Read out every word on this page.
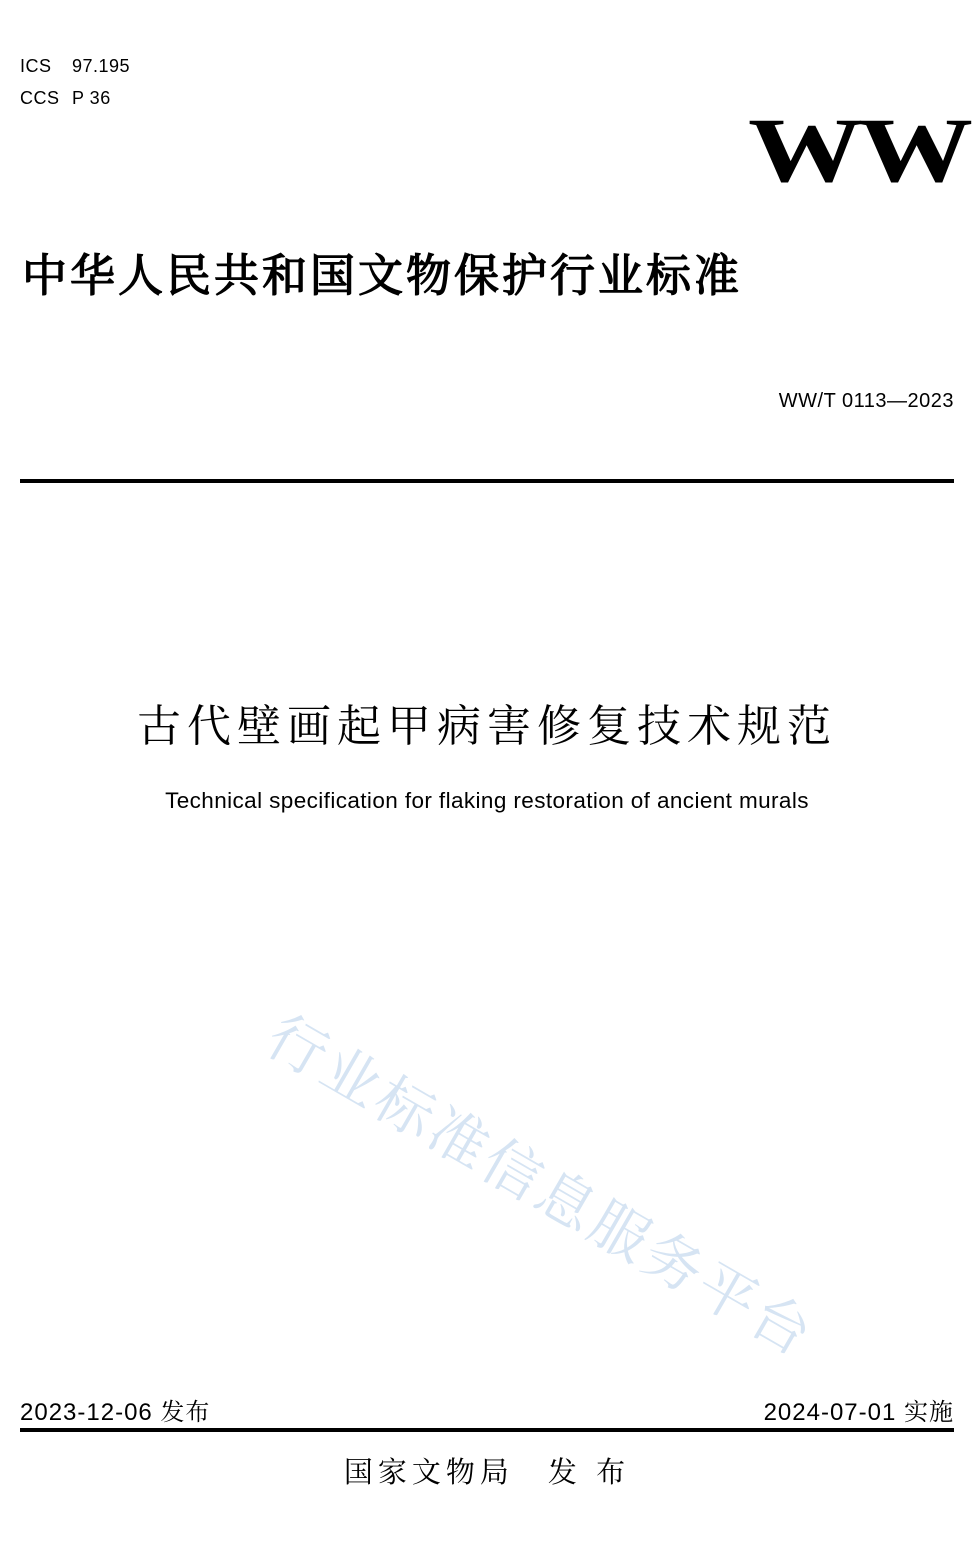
ICS 97.195
CCS P 36
WW
中华人民共和国文物保护行业标准
WW/T 0113—2023
古代壁画起甲病害修复技术规范
Technical specification for flaking restoration of ancient murals
行业标准信息服务平台
2023-12-06 发布	2024-07-01 实施
国家文物局　发 布
